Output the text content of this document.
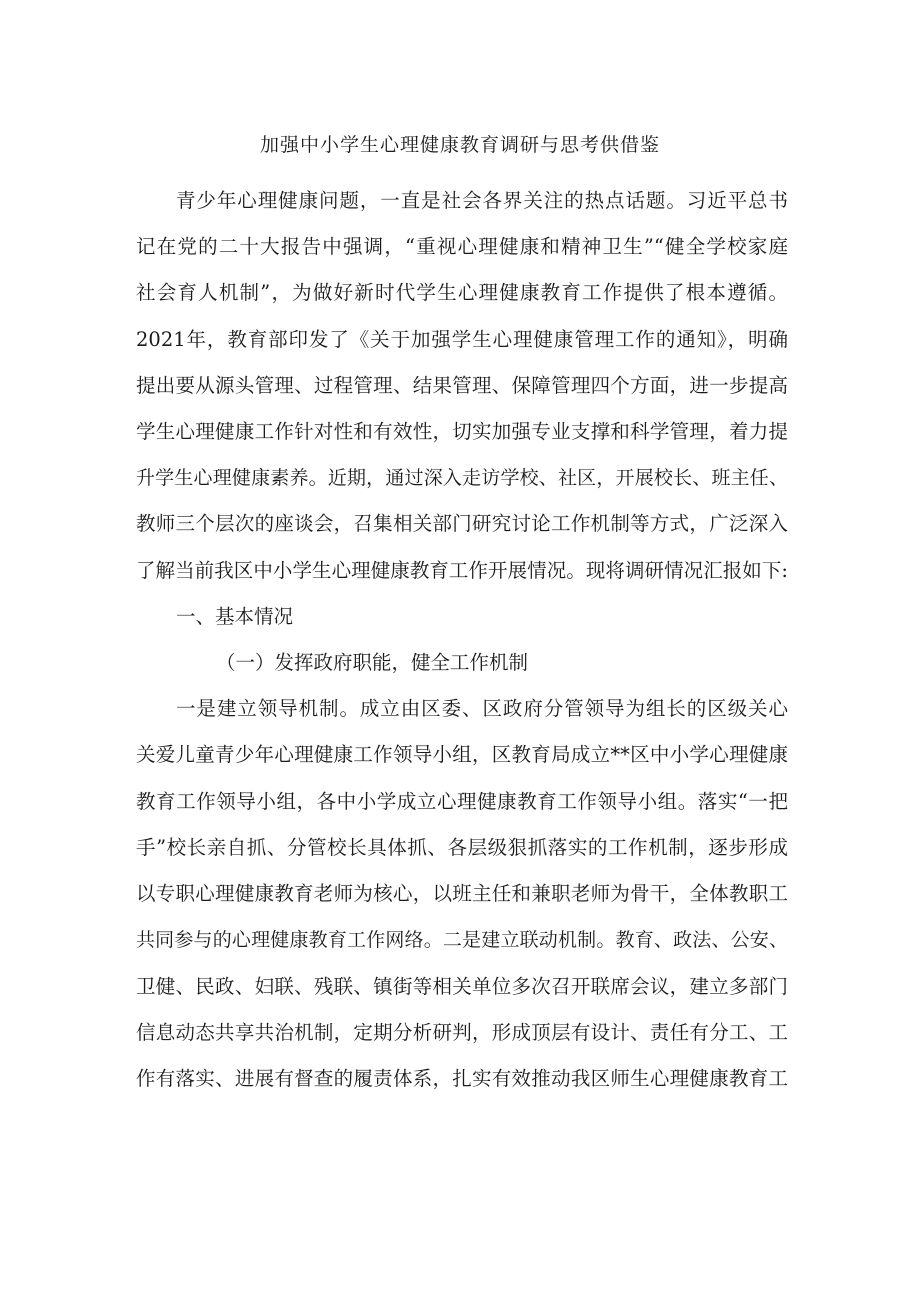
加强中小学生心理健康教育调研与思考供借鉴
青少年心理健康问题，一直是社会各界关注的热点话题。习近平总书
记在党的二十大报告中强调，“重视心理健康和精神卫生”“健全学校家庭
社会育人机制”，为做好新时代学生心理健康教育工作提供了根本遵循。
2021年，教育部印发了《关于加强学生心理健康管理工作的通知》，明确
提出要从源头管理、过程管理、结果管理、保障管理四个方面，进一步提高
学生心理健康工作针对性和有效性，切实加强专业支撑和科学管理，着力提
升学生心理健康素养。近期，通过深入走访学校、社区，开展校长、班主任、
教师三个层次的座谈会，召集相关部门研究讨论工作机制等方式，广泛深入
了解当前我区中小学生心理健康教育工作开展情况。现将调研情况汇报如下:
一、基本情况
（一）发挥政府职能，健全工作机制
一是建立领导机制。成立由区委、区政府分管领导为组长的区级关心
关爱儿童青少年心理健康工作领导小组，区教育局成立**区中小学心理健康
教育工作领导小组，各中小学成立心理健康教育工作领导小组。落实“一把
手”校长亲自抓、分管校长具体抓、各层级狠抓落实的工作机制，逐步形成
以专职心理健康教育老师为核心，以班主任和兼职老师为骨干，全体教职工
共同参与的心理健康教育工作网络。二是建立联动机制。教育、政法、公安、
卫健、民政、妇联、残联、镇街等相关单位多次召开联席会议，建立多部门
信息动态共享共治机制，定期分析研判，形成顶层有设计、责任有分工、工
作有落实、进展有督查的履责体系，扎实有效推动我区师生心理健康教育工
